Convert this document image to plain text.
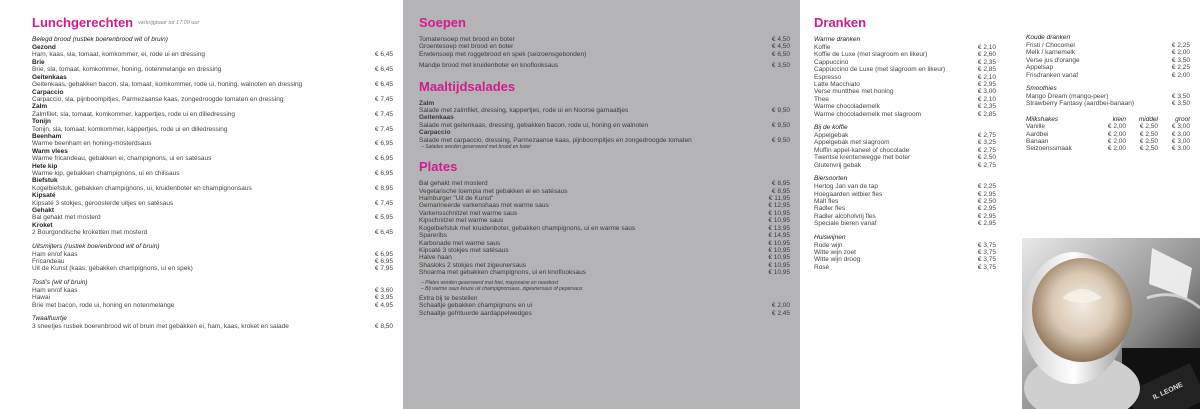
Lunchgerechten verkrijgbaar tot 17:00 uur
Belegd brood (rustiek boerenbrood wit of bruin)
Gezond
Ham, kaas, sla, tomaat, komkommer, ei, rode ui en dressing	€ 6,45
Brie
Brie, sla, tomaat, komkommer, honing, notenmelange en dressing	€ 6,45
Geitenkaas
Geitenkaas, gebakken bacon, sla, tomaat, komkommer, rode ui, honing, walnoten en dressing	€ 6,45
Carpaccio
Carpaccio, sla, pijnboompitjes, Parmezaanse kaas, zongedroogde tomaten en dressing	€ 7,45
Zalm
Zalmfilet, sla, tomaat, komkommer, kappertjes, rode ui en dilledressing	€ 7,45
Tonijn
Tonijn, sla, tomaat, komkommer, kappertjes, rode ui en dilledressing	€ 7,45
Beenham
Warme beenham en honing-mosterdsaus	€ 6,95
Warm vlees
Warme fricandeau, gebakken ei, champignons, ui en satésaus	€ 6,95
Hete kip
Warme kip, gebakken champignons, ui en chilisaus	€ 6,95
Biefstuk
Kogelbiefstuk, gebakken champignons, ui, kruidenboter en champignonsaus	€ 8,95
Kipsaté
Kipsaté 3 stokjes, geroosterde uitjes en satésaus	€ 7,45
Gehakt
Bal gehakt met mosterd	€ 5,95
Kroket
2 Bourgondische kroketten met mosterd	€ 6,45
Uitsmijters (rustiek boerenbrood wit of bruin)
Ham en/of kaas	€ 6,95
Fricandeau	€ 6,95
Uit de Kunst (kaas, gebakken champignons, ui en spek)	€ 7,95
Tosti's (wit of bruin)
Ham en/of kaas	€ 3,60
Hawai	€ 3,95
Brie met bacon, rode ui, honing en notenmelange	€ 4,95
Twaalfuurtje
3 sneetjes rustiek boerenbrood wit of bruin met gebakken ei, ham, kaas, kroket en salade	€ 8,50
Soepen
Tomatensoep met brood en boter	€ 4,50
Groentesoep met brood en boter	€ 4,50
Erwtensoep met roggebrood en spek (seizoensgebonden)	€ 6,50
Mandje brood met kruidenboter en knoflooksaus	€ 3,50
Maaltijdsalades
Zalm
Salade met zalmfilet, dressing, kappertjes, rode ui en Noorse garnaaltjes	€ 9,50
Geitenkaas
Salade met geitenkaas, dressing, gebakken bacon, rode ui, honing en walnoten	€ 9,50
Carpaccio
Salade met carpaccio, dressing, Parmezaanse kaas, pijnboompitjes en zongedroogde tomaten	€ 9,50
– Salades worden geserveerd met brood en boter
Plates
Bal gehakt met mosterd	€ 8,95
Vegetarische loempia met gebakken ei en satésaus	€ 8,95
Hamburger "Uit de Kunst"	€ 11,95
Gemarineerde varkenshaas met warme saus	€ 12,95
Varkensschnitzel met warme saus	€ 10,95
Kipschnitzel met warme saus	€ 10,95
Kogelbiefstuk met kruidenboter, gebakken champignons, ui en warme saus	€ 13,95
Spareribs	€ 14,95
Karbonade met warme saus	€ 10,95
Kipsaté 3 stokjes met satésaus	€ 10,95
Halve haan	€ 10,95
Shasloks 2 stokjes met zigeunersaus	€ 10,95
Shoarma met gebakken champignons, ui en knoflooksaus	€ 10,95
– Plates worden geserveerd met friet, mayonaise en rauwkost
– Bij warme saus keuze uit champignonsaus, zigeunersaus of pepersaus
Extra bij te bestellen
Schaaltje gebakken champignons en ui	€ 2,00
Schaaltje gefrituurde aardappelwedges	€ 2,45
Dranken
Warme dranken
Koffie	€ 2,10
Koffie de Luxe (met slagroom en likeur)	€ 2,60
Cappuccino	€ 2,35
Cappuccino de Luxe (met slagroom en likeur)	€ 2,85
Espresso	€ 2,10
Latte Macchiato	€ 2,95
Verse muntthee met honing	€ 3,00
Thee	€ 2,10
Warme chocolademelk	€ 2,35
Warme chocolademelk met slagroom	€ 2,85
Bij de koffie
Appelgebak	€ 2,75
Appelgebak met slagroom	€ 3,25
Muffin appel-kaneel of chocolade	€ 2,75
Twentse krentenwegge met boter	€ 2,50
Glutenvrij gebak	€ 2,75
Biersoorten
Hertog Jan van de tap	€ 2,25
Hoegaarden witbier fles	€ 2,95
Malt fles	€ 2,50
Radler fles	€ 2,95
Radler alcoholvrij fles	€ 2,95
Speciale bieren vanaf	€ 2,95
Huiswijnen
Rode wijn	€ 3,75
Witte wijn zoet	€ 3,75
Witte wijn droog	€ 3,75
Rosé	€ 3,75
Koude dranken
Fristi / Chocomel	€ 2,25
Melk / karnemelk	€ 2,00
Verse jus d'orange	€ 3,50
Appelsap	€ 2,25
Frisdranken vanaf	€ 2,00
Smoothies
Mango Dream (mango-peer)	€ 3,50
Strawberry Fantasy (aardbei-banaan)	€ 3,50
Milkshakes	klein	middel	groot
Vanille	€ 2,00	€ 2,50	€ 3,00
Aardbei	€ 2,00	€ 2,50	€ 3,00
Banaan	€ 2,00	€ 2,50	€ 3,00
Seizoenssmaak	€ 2,00	€ 2,50	€ 3,00
IL LEONE
